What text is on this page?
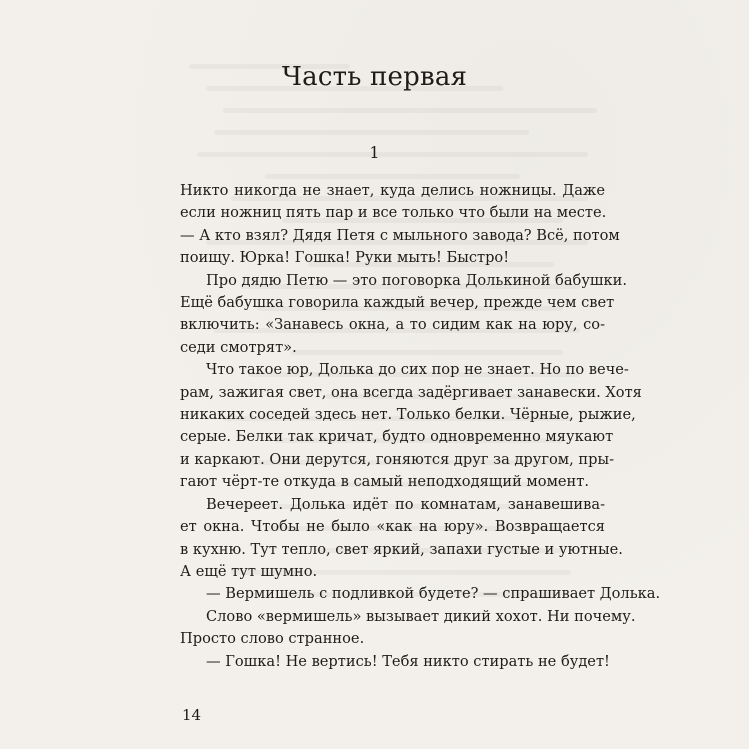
Часть первая
1
Никто никогда не знает, куда делись ножницы. Даже
если ножниц пять пар и все только что были на месте.
— А кто взял? Дядя Петя с мыльного завода? Всё, потом
поищу. Юрка! Гошка! Руки мыть! Быстро!
Про дядю Петю — это поговорка Долькиной бабушки.
Ещё бабушка говорила каждый вечер, прежде чем свет
включить: «Занавесь окна, а то сидим как на юру, со-
седи смотрят».
Что такое юр, Долька до сих пор не знает. Но по вече-
рам, зажигая свет, она всегда задёргивает занавески. Хотя
никаких соседей здесь нет. Только белки. Чёрные, рыжие,
серые. Белки так кричат, будто одновременно мяукают
и каркают. Они дерутся, гоняются друг за другом, пры-
гают чёрт-те откуда в самый неподходящий момент.
Вечереет. Долька идёт по комнатам, занавешива-
ет окна. Чтобы не было «как на юру». Возвращается
в кухню. Тут тепло, свет яркий, запахи густые и уютные.
А ещё тут шумно.
— Вермишель с подливкой будете? — спрашивает Долька.
Слово «вермишель» вызывает дикий хохот. Ни почему.
Просто слово странное.
— Гошка! Не вертись! Тебя никто стирать не будет!
14
